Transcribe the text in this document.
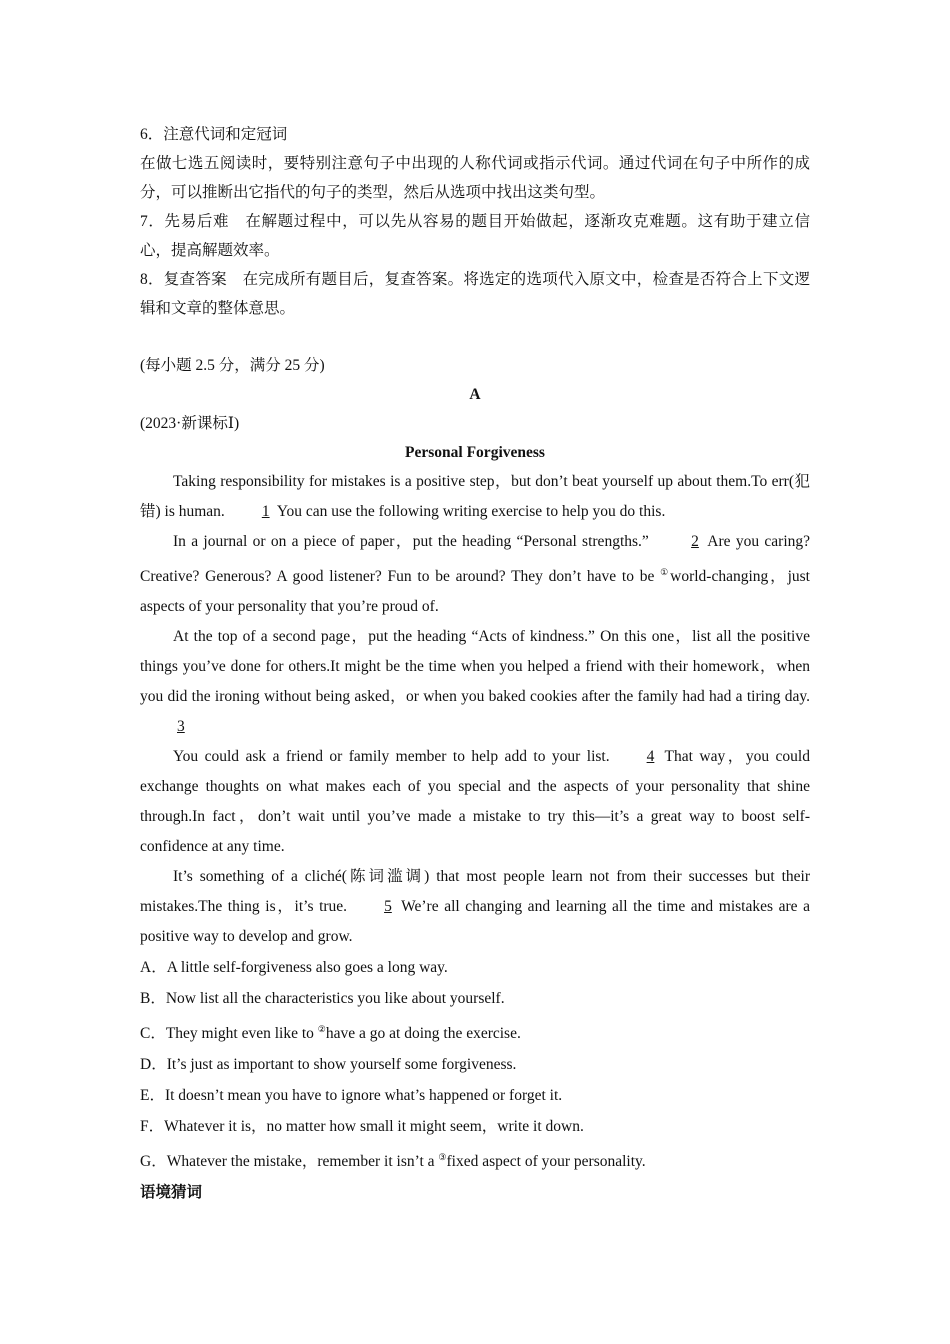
6．注意代词和定冠词

在做七选五阅读时，要特别注意句子中出现的人称代词或指示代词。通过代词在句子中所作的成分，可以推断出它指代的句子的类型，然后从选项中找出这类句型。

7．先易后难　 在解题过程中，可以先从容易的题目开始做起，逐渐攻克难题。这有助于建立信心，提高解题效率。

8．复查答案　 在完成所有题目后，复查答案。将选定的选项代入原文中，检查是否符合上下文逻辑和文章的整体意思。

(每小题 2.5 分，满分 25 分)

A

(2023·新课标Ⅰ)

Personal Forgiveness

Taking responsibility for mistakes is a positive step，but don’t beat yourself up about them.To err(犯错) is human. 1 You can use the following writing exercise to help you do this.

In a journal or on a piece of paper，put the heading “Personal strengths.”	2 Are you caring? Creative? Generous? A good listener? Fun to be around? They don’t have to be ①world-changing，just aspects of your personality that you’re proud of.

At the top of a second page，put the heading “Acts of kindness.” On this one，list all the positive things you’ve done for others.It might be the time when you helped a friend with their homework，when you did the ironing without being asked，or when you baked cookies after the family had had a tiring day.3

You could ask a friend or family member to help add to your list. 4 That way，you could exchange thoughts on what makes each of you special and the aspects of your personality that shine through.In fact，don’t wait until you’ve made a mistake to try this—it’s a great way to boost self-confidence at any time.

It’s something of a cliché(陈词滥调) that most people learn not from their successes but their mistakes.The thing is，it’s true. 5 We’re all changing and learning all the time and mistakes are a positive way to develop and grow.

A．A little self-forgiveness also goes a long way.

B．Now list all the characteristics you like about yourself.

C．They might even like to ②have a go at doing the exercise.

D．It’s just as important to show yourself some forgiveness.

E．It doesn’t mean you have to ignore what’s happened or forget it.

F．Whatever it is，no matter how small it might seem，write it down.

G．Whatever the mistake，remember it isn’t a ③fixed aspect of your personality.

语境猜词
